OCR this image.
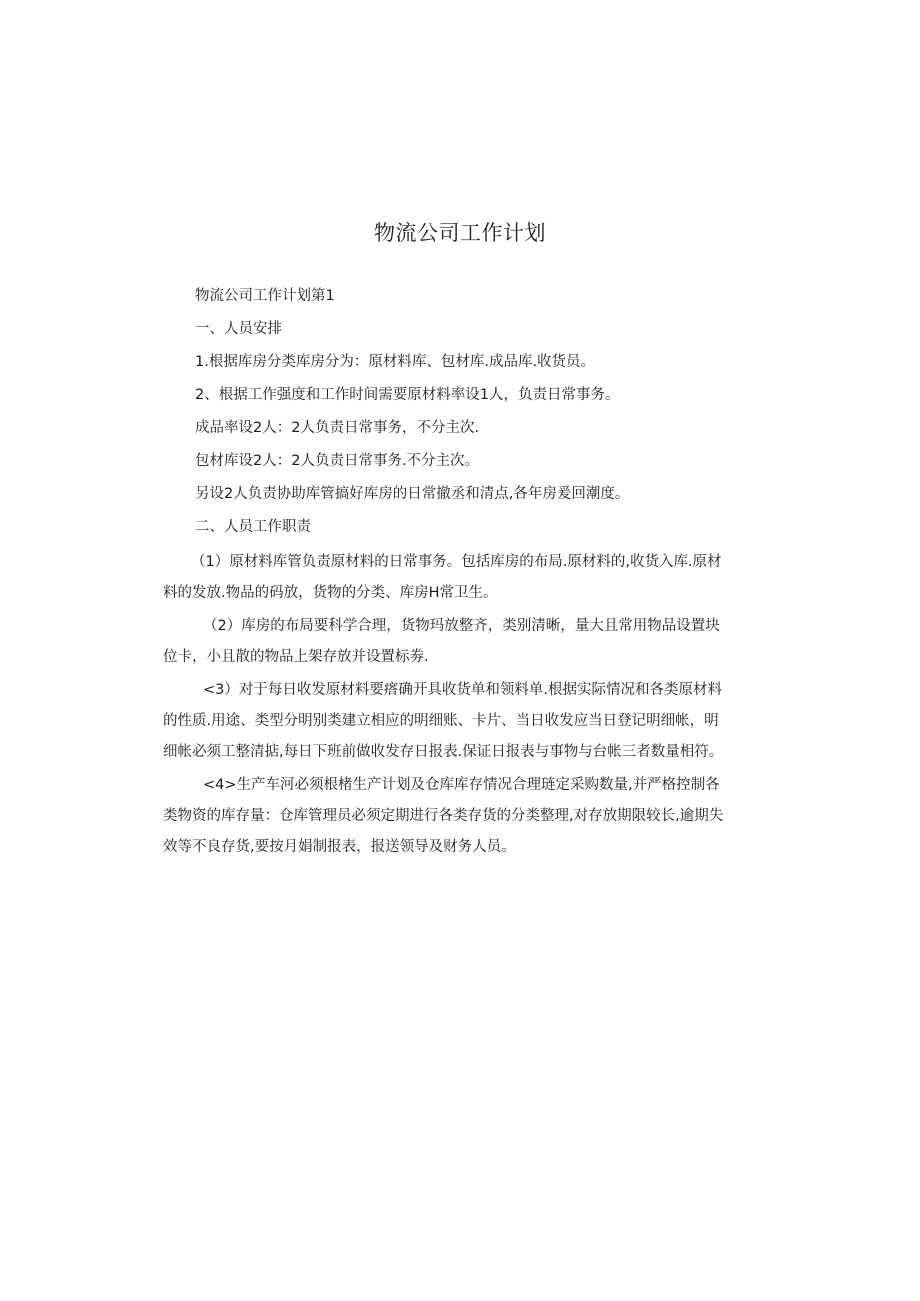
物流公司工作计划
物流公司工作计划第1
一、人员安排
1.根据库房分类库房分为：原材料库、包材库.成品库.收货员。
2、根据工作强度和工作时间需要原材料率设1人，负责日常事务。
成品率设2人：2人负责日常事务，不分主次.
包材库设2人：2人负责日常事务.不分主次。
另设2人负责协助库管搞好库房的日常撤丞和清点,各年房爰回潮度。
二、人员工作职责
（1）原材料库管负责原材料的日常事务。包括库房的布局.原材料的,收货入库.原材
料的发放.物品的码放，货物的分类、库房H常卫生。
（2）库房的布局要科学合理，货物玛放整齐，类别清晰，量大且常用物品设置块
位卡，小且散的物品上架存放并设置标劵.
<3）对于每日收发原材料要瘩确开具收货单和领料单.根据实际情况和各类原材料
的性质.用途、类型分明别类建立相应的明细账、卡片、当日收发应当日登记明细帐，明
细帐必须工整清掂,每日下班前做收发存日报表.保证日报表与事物与台帐三者数量相符。
<4>生产车河必须根楮生产计划及仓库库存情况合理琏定采购数量,并严格控制各
类物资的库存量：仓库管理员必须定期进行各类存货的分类整理,对存放期限较长,逾期失
效等不良存货,要按月娟制报表，报送领导及财务人员。
